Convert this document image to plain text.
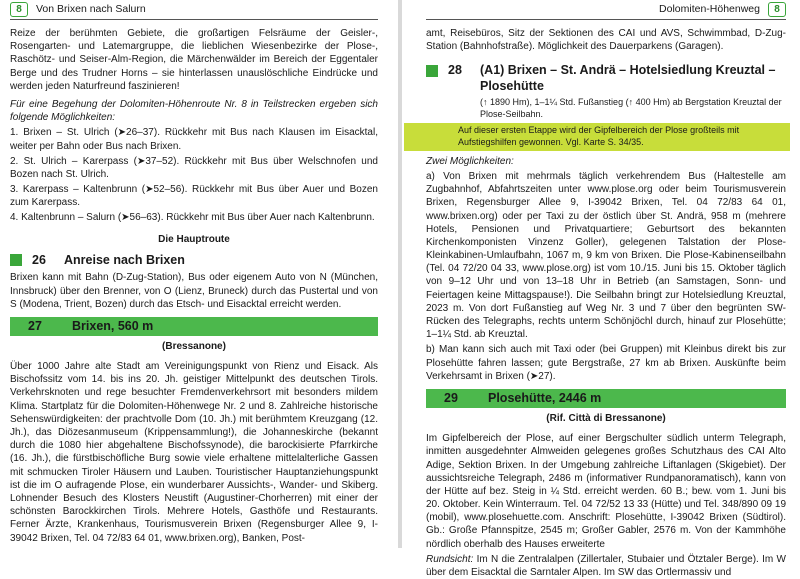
8	Von Brixen nach Salurn

Reize der berühmten Gebiete, die großartigen Felsräume der Geisler-, Rosengarten- und Latemargruppe, die lieblichen Wiesenbezirke der Plose-, Raschötz- und Seiser-Alm-Region, die Märchenwälder im Bereich der Eggentaler Berge und des Trudner Horns – sie hinterlassen unauslöschliche Eindrücke und werden jeden Naturfreund faszinieren!

Für eine Begehung der Dolomiten-Höhenroute Nr. 8 in Teilstrecken ergeben sich folgende Möglichkeiten:

1. Brixen – St. Ulrich (➤26–37). Rückkehr mit Bus nach Klausen im Eisacktal, weiter per Bahn oder Bus nach Brixen.

2. St. Ulrich – Karerpass (➤37–52). Rückkehr mit Bus über Welschnofen und Bozen nach St. Ulrich.

3. Karerpass – Kaltenbrunn (➤52–56). Rückkehr mit Bus über Auer und Bozen zum Karerpass.

4. Kaltenbrunn – Salurn (➤56–63). Rückkehr mit Bus über Auer nach Kaltenbrunn.

Die Hauptroute
26	Anreise nach Brixen

Brixen kann mit Bahn (D-Zug-Station), Bus oder eigenem Auto von N (München, Innsbruck) über den Brenner, von O (Lienz, Bruneck) durch das Pustertal und von S (Modena, Trient, Bozen) durch das Etsch- und Eisacktal erreicht werden.

27	Brixen, 560 m
(Bressanone)

Über 1000 Jahre alte Stadt am Vereinigungspunkt von Rienz und Eisack. Als Bischofssitz vom 14. bis ins 20. Jh. geistiger Mittelpunkt des deutschen Tirols. Verkehrsknoten und rege besuchter Fremdenverkehrsort mit besonders mildem Klima. Startplatz für die Dolomiten-Höhenwege Nr. 2 und 8. Zahlreiche historische Sehenswürdigkeiten: der prachtvolle Dom (10. Jh.) mit berühmtem Kreuzgang (12. Jh.), das Diözesanmuseum (Krippensammlung!), die Johanneskirche (bekannt durch die 1080 hier abgehaltene Bischofssynode), die barockisierte Pfarrkirche (16. Jh.), die fürstbischöfliche Burg sowie viele erhaltene mittelalterliche Gassen mit schmucken Tiroler Häusern und Lauben. Touristischer Hauptanziehungspunkt ist die im O aufragende Plose, ein wunderbarer Aussichts-, Wander- und Skiberg. Lohnender Besuch des Klosters Neustift (Augustiner-Chorherren) mit einer der schönsten Barockkirchen Tirols. Mehrere Hotels, Gasthöfe und Restaurants. Ferner Ärzte, Krankenhaus, Tourismusverein Brixen (Regensburger Allee 9, I-39042 Brixen, Tel. 04 72/83 64 01, www.brixen.org), Banken, Post-

Dolomiten-Höhenweg	8

amt, Reisebüros, Sitz der Sektionen des CAI und AVS, Schwimmbad, D-Zug-Station (Bahnhofstraße). Möglichkeit des Dauerparkens (Garagen).

28	(A1) Brixen – St. Andrä – Hotelsiedlung Kreuztal – Plosehütte
(↑ 1890 Hm), 1–1¼ Std. Fußanstieg (↑ 400 Hm) ab Bergstation Kreuztal der Plose-Seilbahn.
Auf dieser ersten Etappe wird der Gipfelbereich der Plose großteils mit Aufstiegshilfen gewonnen. Vgl. Karte S. 34/35.

Zwei Möglichkeiten:

a) Von Brixen mit mehrmals täglich verkehrendem Bus (Haltestelle am Zugbahnhof, Abfahrtszeiten unter www.plose.org oder beim Tourismusverein Brixen, Regensburger Allee 9, I-39042 Brixen, Tel. 04 72/83 64 01, www.brixen.org) oder per Taxi zu der östlich über St. Andrä, 958 m (mehrere Hotels, Pensionen und Privatquartiere; Geburtsort des bekannten Kirchenkomponisten Vinzenz Goller), gelegenen Talstation der Plose-Kleinkabinen-Umlaufbahn, 1067 m, 9 km von Brixen. Die Plose-Kabinenseilbahn (Tel. 04 72/20 04 33, www.plose.org) ist vom 10./15. Juni bis 15. Oktober täglich von 9–12 Uhr und von 13–18 Uhr in Betrieb (an Samstagen, Sonn- und Feiertagen keine Mittagspause!). Die Seilbahn bringt zur Hotelsiedlung Kreuztal, 2023 m. Von dort Fußanstieg auf Weg Nr. 3 und 7 über den begrünten SW-Rücken des Telegraphs, rechts unterm Schönjöchl durch, hinauf zur Plosehütte; 1–1¼ Std. ab Kreuztal.

b) Man kann sich auch mit Taxi oder (bei Gruppen) mit Kleinbus direkt bis zur Plosehütte fahren lassen; gute Bergstraße, 27 km ab Brixen. Auskünfte beim Verkehrsamt in Brixen (➤27).

29	Plosehütte, 2446 m
(Rif. Città di Bressanone)

Im Gipfelbereich der Plose, auf einer Bergschulter südlich unterm Telegraph, inmitten ausgedehnter Almweiden gelegenes großes Schutzhaus des CAI Alto Adige, Sektion Brixen. In der Umgebung zahlreiche Liftanlagen (Skigebiet). Der aussichtsreiche Telegraph, 2486 m (informativer Rundpanoramatisch), kann von der Hütte auf bez. Steig in ¼ Std. erreicht werden. 60 B.; bew. vom 1. Juni bis 20. Oktober. Kein Winterraum. Tel. 04 72/52 13 33 (Hütte) und Tel. 348/890 09 19 (mobil), www.plosehuette.com. Anschrift: Plosehütte, I-39042 Brixen (Südtirol). Gb.: Große Pfannspitze, 2545 m; Großer Gabler, 2576 m. Von der Kammhöhe nördlich oberhalb des Hauses erweiterte

Rundsicht: Im N die Zentralalpen (Zillertaler, Stubaier und Ötztaler Berge). Im W über dem Eisacktal die Sarntaler Alpen. Im SW das Ortlermassiv und
